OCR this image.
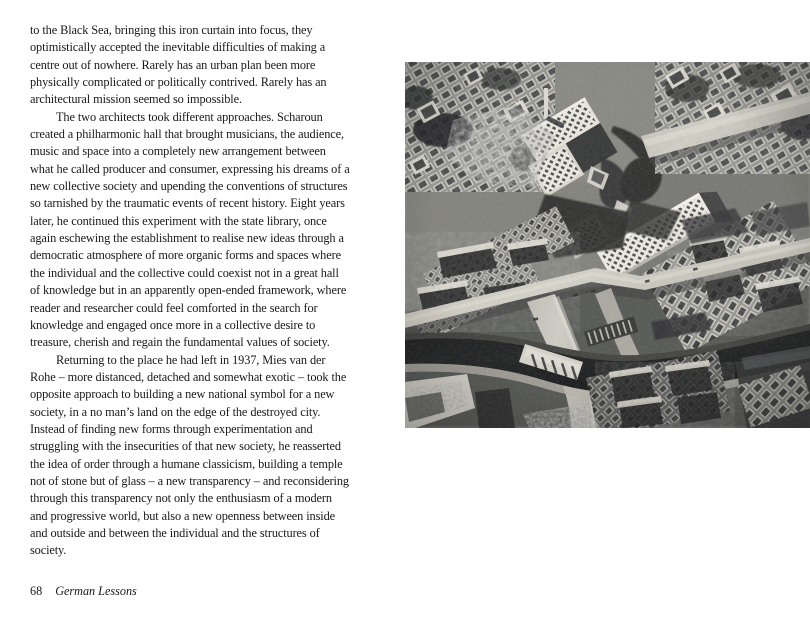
to the Black Sea, bringing this iron curtain into focus, they optimistically accepted the inevitable difficulties of making a centre out of nowhere. Rarely has an urban plan been more physically complicated or politically contrived. Rarely has an architectural mission seemed so impossible.

The two architects took different approaches. Scharoun created a philharmonic hall that brought musicians, the audience, music and space into a completely new arrangement between what he called producer and consumer, expressing his dreams of a new collective society and upending the conventions of structures so tarnished by the traumatic events of recent history. Eight years later, he continued this experiment with the state library, once again eschewing the establishment to realise new ideas through a democratic atmosphere of more organic forms and spaces where the individual and the collective could coexist not in a great hall of knowledge but in an apparently open-ended framework, where reader and researcher could feel comforted in the search for knowledge and engaged once more in a collective desire to treasure, cherish and regain the fundamental values of society.

Returning to the place he had left in 1937, Mies van der Rohe – more distanced, detached and somewhat exotic – took the opposite approach to building a new national symbol for a new society, in a no man’s land on the edge of the destroyed city. Instead of finding new forms through experimentation and struggling with the insecurities of that new society, he reasserted the idea of order through a humane classicism, building a temple not of stone but of glass – a new transparency – and reconsidering through this transparency not only the enthusiasm of a modern and progressive world, but also a new openness between inside and outside and between the individual and the structures of society.

68 German Lessons
